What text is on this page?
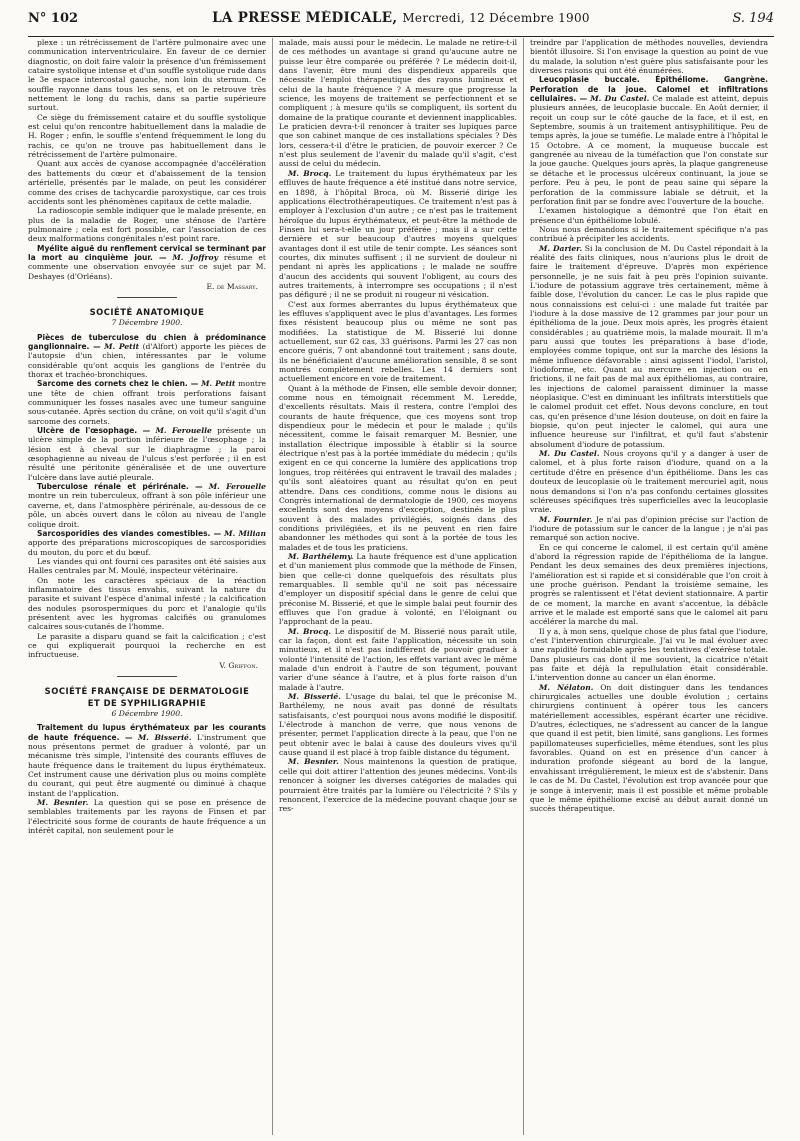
N° 102	LA PRESSE MÉDICALE, Mercredi, 12 Décembre 1900	S. 194

plexe : un rétrécissement de l'artère pulmonaire avec une communication interventriculaire. En faveur de ce dernier diagnostic, on doit faire valoir la présence d'un frémissement cataire systolique intense et d'un souffle systolique rude dans le 3e espace intercostal gauche, non loin du sternum. Ce souffle rayonne dans tous les sens, et on le retrouve très nettement le long du rachis, dans sa partie supérieure surtout.

Ce siège du frémissement cataire et du souffle systolique est celui qu'on rencontre habituellement dans la maladie de H. Roger ; enfin, le souffle s'entend fréquemment le long du rachis, ce qu'on ne trouve pas habituellement dans le rétrécissement de l'artère pulmonaire.

Quant aux accès de cyanose accompagnée d'accélération des battements du cœur et d'abaissement de la tension artérielle, présentés par le malade, on peut les considérer comme des crises de tachycardie paroxystique, car ces trois accidents sont les phénomènes capitaux de cette maladie.

La radioscopie semble indiquer que le malade présente, en plus de la maladie de Roger, une sténose de l'artère pulmonaire ; cela est fort possible, car l'association de ces deux malformations congénitales n'est point rare.

Myélite aiguë du renflement cervical se terminant par la mort au cinquième jour. — M. Joffroy résume et commente une observation envoyée sur ce sujet par M. Deshayes (d'Orléans).

E. de Massary.

SOCIÉTÉ ANATOMIQUE

7 Décembre 1900.

Pièces de tuberculose du chien à prédominance ganglionnaire. — M. Petit (d'Alfort) apporte les pièces de l'autopsie d'un chien, intéressantes par le volume considérable qu'ont acquis les ganglions de l'entrée du thorax et trachéo-bronchiques.

Sarcome des cornets chez le chien. — M. Petit montre une tête de chien offrant trois perforations faisant communiquer les fosses nasales avec une tumeur sanguine sous-cutanée. Après section du crâne, on voit qu'il s'agit d'un sarcome des cornets.

Ulcère de l'œsophage. — M. Ferouelle présente un ulcère simple de la portion inférieure de l'œsophage ; la lésion est à cheval sur le diaphragme ; la paroi œsophagienne au niveau de l'ulcus s'est perforée ; il en est résulté une péritonite généralisée et de une ouverture l'ulcère dans lave autié pleurale.

Tuberculose rénale et périrénale. — M. Ferouelle montre un rein tuberculeux, offrant à son pôle inférieur une caverne, et, dans l'atmosphère périrénale, au-dessous de ce pôle, un abcès ouvert dans le côlon au niveau de l'angle colique droit.

Sarcosporidies des viandes comestibles. — M. Milian apporte des préparations microscopiques de sarcosporidies du mouton, du porc et du bœuf.

Les viandes qui ont fourni ces parasites ont été saisies aux Halles centrales par M. Moulé, inspecteur vétérinaire.

On note les caractères spéciaux de la réaction inflammatoire des tissus envahis, suivant la nature du parasite et suivant l'espèce d'animal infesté ; la calcification des nodules psorospermiques du porc et l'analogie qu'ils présentent avec les hygromas calcifiés ou granulomes calcaires sous-cutanés de l'homme.

Le parasite a disparu quand se fait la calcification ; c'est ce qui expliquerait pourquoi la recherche en est infructueuse.

V. Griffon.

SOCIÉTÉ FRANÇAISE DE DERMATOLOGIE

ET DE SYPHILIGRAPHIE

6 Décembre 1900.

Traitement du lupus érythémateux par les courants de haute fréquence. — M. Bisserié. L'instrument que nous présentons permet de graduer à volonté, par un mécanisme très simple, l'intensité des courants effluves de haute fréquence dans le traitement du lupus érythémateux. Cet instrument cause une dérivation plus ou moins complète du courant, qui peut être augmenté ou diminué à chaque instant de l'application.

M. Besnier. La question qui se pose en présence de semblables traitements par les rayons de Finsen et par l'électricité sous forme de courants de haute fréquence a un intérêt capital, non seulement pour le

malade, mais aussi pour le médecin. Le malade ne retire-t-il de ces méthodes un avantage si grand qu'aucune autre ne puisse leur être comparée ou préférée ? Le médecin doit-il, dans l'avenir, être muni des dispendieux appareils que nécessite l'emploi thérapeutique des rayons lumineux et celui de la haute fréquence ? A mesure que progresse la science, les moyens de traitement se perfectionnent et se compliquent ; à mesure qu'ils se compliquent, ils sortent du domaine de la pratique courante et deviennent inapplicables. Le praticien devra-t-il renoncer à traiter ses lupiques parce que son cabinet manque de ces installations spéciales ? Dès lors, cessera-t-il d'être le praticien, de pouvoir exercer ? Ce n'est plus seulement de l'avenir du malade qu'il s'agit, c'est aussi de celui du médecin.

M. Brocq. Le traitement du lupus érythémateux par les effluves de haute fréquence a été institué dans notre service, en 1898, à l'hôpital Broca, où M. Bisserié dirige les applications électrothérapeutiques. Ce traitement n'est pas à employer à l'exclusion d'un autre ; ce n'est pas le traitement héroïque du lupus érythémateux, et peut-être la méthode de Finsen lui sera-t-elle un jour préférée ; mais il a sur cette dernière et sur beaucoup d'autres moyens quelques avantages dont il est utile de tenir compte. Les séances sont courtes, dix minutes suffisent ; il ne survient de douleur ni pendant ni après les applications ; le malade ne souffre d'aucun des accidents qui souvent l'obligent, au cours des autres traitements, à interrompre ses occupations ; il n'est pas défiguré ; il ne se produit ni rougeur ni vésication.

C'est aux formes aberrantes du lupus érythémateux que les effluves s'appliquent avec le plus d'avantages. Les formes fixes résistent beaucoup plus ou même ne sont pas modifiées. La statistique de M. Bisserié lui donne actuellement, sur 62 cas, 33 guérisons. Parmi les 27 cas non encore guéris, 7 ont abandonné tout traitement ; sans doute, ils ne bénéficiaient d'aucune amélioration sensible, 8 se sont montrés complètement rebelles. Les 14 derniers sont actuellement encore en voie de traitement.

Quant à la méthode de Finsen, elle semble devoir donner, comme nous en témoignait récemment M. Leredde, d'excellents résultats. Mais il restera, contre l'emploi des courants de haute fréquence, que ces moyens sont trop dispendieux pour le médecin et pour le malade ; qu'ils nécessitent, comme le faisait remarquer M. Besnier, une installation électrique impossible à établir si la source électrique n'est pas à la portée immédiate du médecin ; qu'ils exigent en ce qui concerne la lumière des applications trop longues, trop réitérées qui entravent le travail des malades ; qu'ils sont aléatoires quant au résultat qu'on en peut attendre. Dans ces conditions, comme nous le disions au Congrès international de dermatologie de 1900, ces moyens excellents sont des moyens d'exception, destinés le plus souvent à des malades privilégiés, soignés dans des conditions privilégiées, et ils ne peuvent en rien faire abandonner les méthodes qui sont à la portée de tous les malades et de tous les praticiens.

M. Barthélemy. La haute fréquence est d'une application et d'un maniement plus commode que la méthode de Finsen, bien que celle-ci donne quelquefois des résultats plus remarquables. Il semble qu'il ne soit pas nécessaire d'employer un dispositif spécial dans le genre de celui que préconise M. Bisserié, et que le simple balai peut fournir des effluves que l'on gradue à volonté, en l'éloignant ou l'approchant de la peau.

M. Brocq. Le dispositif de M. Bisserié nous paraît utile, car la façon, dont est faite l'application, nécessite un soin minutieux, et il n'est pas indifférent de pouvoir graduer à volonté l'intensité de l'action, les effets variant avec le même malade d'un endroit à l'autre de son tégument, pouvant varier d'une séance à l'autre, et à plus forte raison d'un malade à l'autre.

M. Bisserié. L'usage du balai, tel que le préconise M. Barthélemy, ne nous avait pas donné de résultats satisfaisants, c'est pourquoi nous avons modifié le dispositif. L'électrode à manchon de verre, que nous venons de présenter, permet l'application directe à la peau, que l'on ne peut obtenir avec le balai à cause des douleurs vives qu'il cause quand il est placé à trop faible distance du tégument.

M. Besnier. Nous maintenons la question de pratique, celle qui doit attirer l'attention des jeunes médecins. Vont-ils renoncer à soigner les diverses catégories de malades qui pourraient être traités par la lumière ou l'électricité ? S'ils y renoncent, l'exercice de la médecine pouvant chaque jour se res-

treindre par l'application de méthodes nouvelles, deviendra bientôt illusoire. Si l'on envisage la question au point de vue du malade, la solution n'est guère plus satisfaisante pour les diverses raisons qui ont été énumérées.

Leucoplasie buccale. Épithéliome. Gangrène. Perforation de la joue. Calomel et infiltrations cellulaires. — M. Du Castel. Ce malade est atteint, depuis plusieurs années, de leucoplasie buccale. En Août dernier, il reçoit un coup sur le côté gauche de la face, et il est, en Septembre, soumis à un traitement antisyphilitique. Peu de temps après, la joue se tuméfie. Le malade entre à l'hôpital le 15 Octobre. A ce moment, la muqueuse buccale est gangrenée au niveau de la tuméfaction que l'on constate sur la joue gauche. Quelques jours après, la plaque gangreneuse se détache et le processus ulcéreux continuant, la joue se perfore. Peu à peu, le pont de peau saine qui sépare la perforation de la commissure labiale se détruit, et la perforation finit par se fondre avec l'ouverture de la bouche.

L'examen histologique a démontré que l'on était en présence d'un épithéliome lobulé.

Nous nous demandons si le traitement spécifique n'a pas contribué à précipiter les accidents.

M. Darier. Si la conclusion de M. Du Castel répondait à la réalité des faits cliniques, nous n'aurions plus le droit de faire le traitement d'épreuve. D'après mon expérience personnelle, je ne suis fait à peu près l'opinion suivante. L'iodure de potassium aggrave très certainement, même à faible dose, l'évolution du cancer. Le cas le plus rapide que nous connaissions est celui-ci : une malade fut traitée par l'iodure à la dose massive de 12 grammes par jour pour un épithélioma de la joue. Deux mois après, les progrès étaient considérables ; au quatrième mois, la malade mourait. Il m'a paru aussi que toutes les préparations à base d'iode, employées comme topique, ont sur la marche des lésions la même influence défavorable : ainsi agissent l'iodol, l'aristol, l'iodoforme, etc. Quant au mercure en injection ou en frictions, il ne fait pas de mal aux épithéliomas, au contraire, les injections de calomel paraissent diminuer la masse néoplasique. C'est en diminuant les infiltrats interstitiels que le calomel produit cet effet. Nous devons conclure, en tout cas, qu'en présence d'une lésion douteuse, on doit en faire la biopsie, qu'on peut injecter le calomel, qui aura une influence heureuse sur l'infiltrat, et qu'il faut s'abstenir absolument d'iodure de potassium.

M. Du Castel. Nous croyons qu'il y a danger à user de calomel, et à plus forte raison d'iodure, quand on a la certitude d'être en présence d'un épithéliome. Dans les cas douteux de leucoplasie où le traitement mercuriel agit, nous nous demandons si l'on n'a pas confondu certaines glossites scléreuses spécifiques très superficielles avec la leucoplasie vraie.

M. Fournier. Je n'ai pas d'opinion précise sur l'action de l'iodure de potassium sur le cancer de la langue ; je n'ai pas remarqué son action nocive.

En ce qui concerne le calomel, il est certain qu'il amène d'abord la régression rapide de l'épithélioma de la langue. Pendant les deux semaines des deux premières injections, l'amélioration est si rapide et si considérable que l'on croit à une proche guérison. Pendant la troisième semaine, les progrès se ralentissent et l'état devient stationnaire. A partir de ce moment, la marche en avant s'accentue, la débâcle arrive et le malade est emporté sans que le calomel ait paru accélérer la marche du mal.

Il y a, à mon sens, quelque chose de plus fatal que l'iodure, c'est l'intervention chirurgicale. J'ai vu le mal évoluer avec une rapidité formidable après les tentatives d'exérèse totale. Dans plusieurs cas dont il me souvient, la cicatrice n'était pas faite et déjà la repullulation était considérable. L'intervention donne au cancer un élan énorme.

M. Nélaton. On doit distinguer dans les tendances chirurgicales actuelles une double évolution ; certains chirurgiens continuent à opérer tous les cancers matériellement accessibles, espérant écarter une récidive. D'autres, éclectiques, ne s'adressent au cancer de la langue que quand il est petit, bien limité, sans ganglions. Les formes papillomateuses superficielles, même étendues, sont les plus favorables. Quand on est en présence d'un cancer à induration profonde siégeant au bord de la langue, envahissant irrégulièrement, le mieux est de s'abstenir. Dans le cas de M. Du Castel, l'évolution est trop avancée pour que je songe à intervenir, mais il est possible et même probable que le même épithéliome excisé au début aurait donné un succès thérapeutique.
